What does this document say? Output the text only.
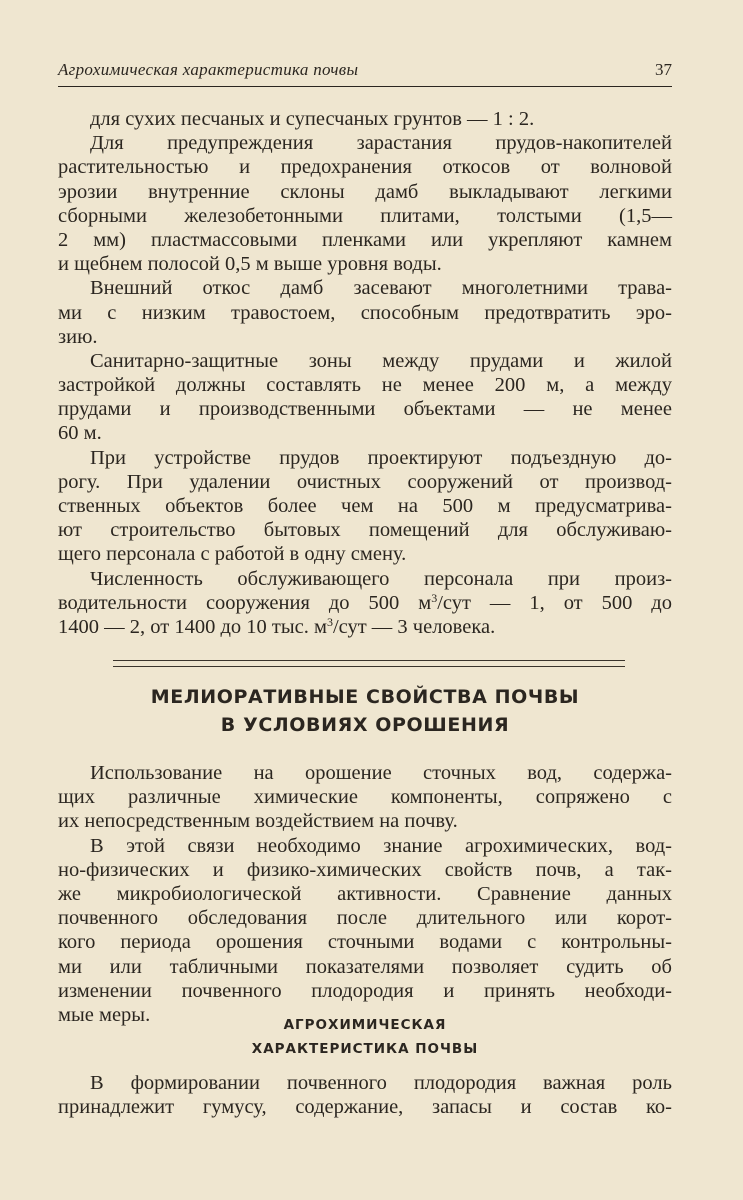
Агрохимическая характеристика почвы	37
для сухих песчаных и супесчаных грунтов — 1 : 2.
Для предупреждения зарастания прудов-накопителей
растительностью и предохранения откосов от волновой
эрозии внутренние склоны дамб выкладывают легкими
сборными железобетонными плитами, толстыми (1,5—
2 мм) пластмассовыми пленками или укрепляют камнем
и щебнем полосой 0,5 м выше уровня воды.
Внешний откос дамб засевают многолетними трава-
ми с низким травостоем, способным предотвратить эро-
зию.
Санитарно-защитные зоны между прудами и жилой
застройкой должны составлять не менее 200 м, а между
прудами и производственными объектами — не менее
60 м.
При устройстве прудов проектируют подъездную до-
рогу. При удалении очистных сооружений от производ-
ственных объектов более чем на 500 м предусматрива-
ют строительство бытовых помещений для обслуживаю-
щего персонала с работой в одну смену.
Численность обслуживающего персонала при произ-
водительности сооружения до 500 $м^3$/сут — 1, от 500 до
1400 — 2, от 1400 до 10 тыс. $м^3$/сут — 3 человека.
МЕЛИОРАТИВНЫЕ СВОЙСТВА ПОЧВЫ
В УСЛОВИЯХ ОРОШЕНИЯ
Использование на орошение сточных вод, содержа-
щих различные химические компоненты, сопряжено с
их непосредственным воздействием на почву.
В этой связи необходимо знание агрохимических, вод-
но-физических и физико-химических свойств почв, а так-
же микробиологической активности. Сравнение данных
почвенного обследования после длительного или корот-
кого периода орошения сточными водами с контрольны-
ми или табличными показателями позволяет судить об
изменении почвенного плодородия и принять необходи-
мые меры.	АГРОХИМИЧЕСКАЯ
ХАРАКТЕРИСТИКА ПОЧВЫ
В формировании почвенного плодородия важная роль
принадлежит гумусу, содержание, запасы и состав ко-
